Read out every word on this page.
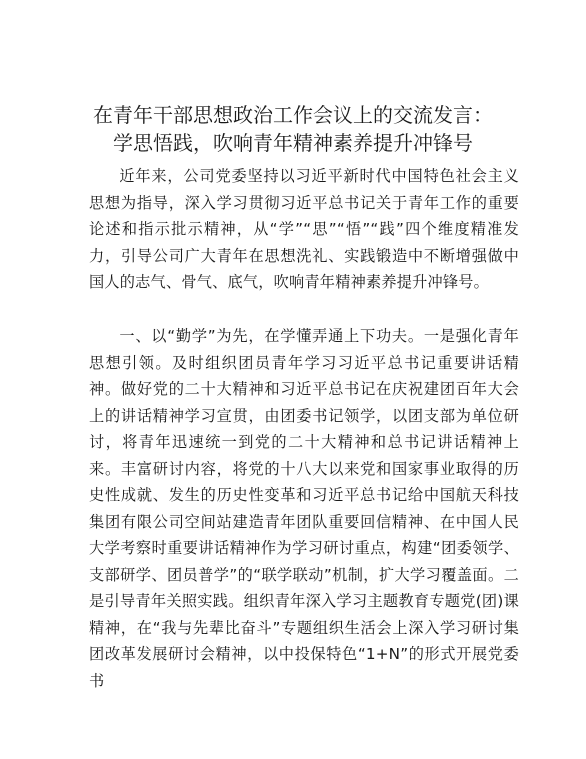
在青年干部思想政治工作会议上的交流发言：
学思悟践，吹响青年精神素养提升冲锋号

近年来，公司党委坚持以习近平新时代中国特色社会主义思想为指导，深入学习贯彻习近平总书记关于青年工作的重要论述和指示批示精神，从“学”“思”“悟”“践”四个维度精准发力，引导公司广大青年在思想洗礼、实践锻造中不断增强做中国人的志气、骨气、底气，吹响青年精神素养提升冲锋号。

一、以“勤学”为先，在学懂弄通上下功夫。一是强化青年思想引领。及时组织团员青年学习习近平总书记重要讲话精神。做好党的二十大精神和习近平总书记在庆祝建团百年大会上的讲话精神学习宣贯，由团委书记领学，以团支部为单位研讨，将青年迅速统一到党的二十大精神和总书记讲话精神上来。丰富研讨内容，将党的十八大以来党和国家事业取得的历史性成就、发生的历史性变革和习近平总书记给中国航天科技集团有限公司空间站建造青年团队重要回信精神、在中国人民大学考察时重要讲话精神作为学习研讨重点，构建“团委领学、支部研学、团员普学”的“联学联动”机制，扩大学习覆盖面。二是引导青年关照实践。组织青年深入学习主题教育专题党(团)课精神，在“我与先辈比奋斗”专题组织生活会上深入学习研讨集团改革发展研讨会精神，以中投保特色“1+N”的形式开展党委书
